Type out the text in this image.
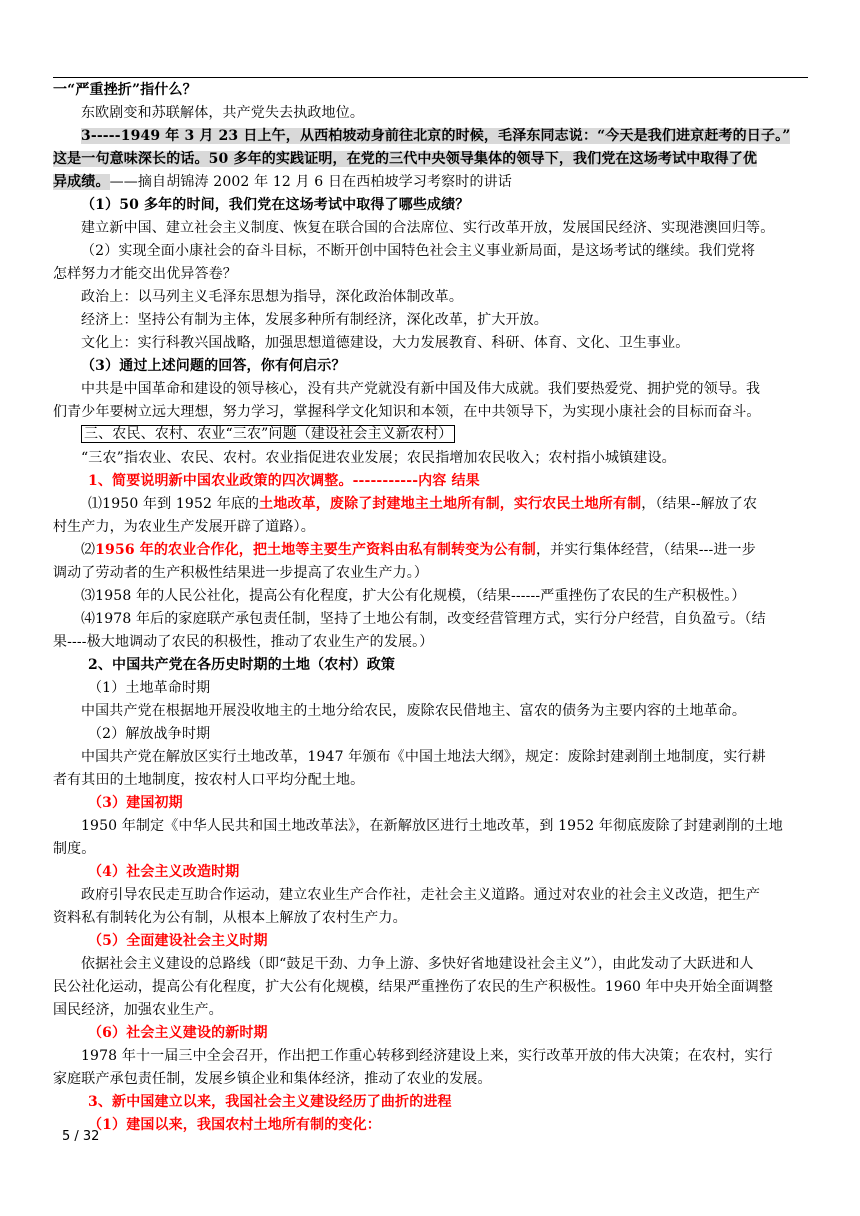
一“严重挫折”指什么？
东欧剧变和苏联解体，共产党失去执政地位。
3-----1949 年 3 月 23 日上午，从西柏坡动身前往北京的时候，毛泽东同志说：“今天是我们进京赶考的日子。”
这是一句意味深长的话。50 多年的实践证明，在党的三代中央领导集体的领导下，我们党在这场考试中取得了优
异成绩。——摘自胡锦涛 2002 年 12 月 6 日在西柏坡学习考察时的讲话
（1）50 多年的时间，我们党在这场考试中取得了哪些成绩？
建立新中国、建立社会主义制度、恢复在联合国的合法席位、实行改革开放，发展国民经济、实现港澳回归等。
（2）实现全面小康社会的奋斗目标，不断开创中国特色社会主义事业新局面，是这场考试的继续。我们党将
怎样努力才能交出优异答卷？
政治上：以马列主义毛泽东思想为指导，深化政治体制改革。
经济上：坚持公有制为主体，发展多种所有制经济，深化改革，扩大开放。
文化上：实行科教兴国战略，加强思想道德建设，大力发展教育、科研、体育、文化、卫生事业。
（3）通过上述问题的回答，你有何启示？
中共是中国革命和建设的领导核心，没有共产党就没有新中国及伟大成就。我们要热爱党、拥护党的领导。我
们青少年要树立远大理想，努力学习，掌握科学文化知识和本领，在中共领导下，为实现小康社会的目标而奋斗。
三、农民、农村、农业“三农”问题（建设社会主义新农村）
“三农”指农业、农民、农村。农业指促进农业发展；农民指增加农民收入；农村指小城镇建设。
1、简要说明新中国农业政策的四次调整。-----------内容 结果
⑴1950 年到 1952 年底的土地改革，废除了封建地主土地所有制，实行农民土地所有制，（结果--解放了农
村生产力，为农业生产发展开辟了道路）。
⑵1956 年的农业合作化，把土地等主要生产资料由私有制转变为公有制，并实行集体经营，（结果---进一步
调动了劳动者的生产积极性结果进一步提高了农业生产力。）
⑶1958 年的人民公社化，提高公有化程度，扩大公有化规模，（结果------严重挫伤了农民的生产积极性。）
⑷1978 年后的家庭联产承包责任制，坚持了土地公有制，改变经营管理方式，实行分户经营，自负盈亏。（结
果----极大地调动了农民的积极性，推动了农业生产的发展。）
2、中国共产党在各历史时期的土地（农村）政策
（1）土地革命时期
中国共产党在根据地开展没收地主的土地分给农民，废除农民借地主、富农的债务为主要内容的土地革命。
（2）解放战争时期
中国共产党在解放区实行土地改革，1947 年颁布《中国土地法大纲》，规定：废除封建剥削土地制度，实行耕
者有其田的土地制度，按农村人口平均分配土地。
（3）建国初期
1950 年制定《中华人民共和国土地改革法》，在新解放区进行土地改革，到 1952 年彻底废除了封建剥削的土地
制度。
（4）社会主义改造时期
政府引导农民走互助合作运动，建立农业生产合作社，走社会主义道路。通过对农业的社会主义改造，把生产
资料私有制转化为公有制，从根本上解放了农村生产力。
（5）全面建设社会主义时期
依据社会主义建设的总路线（即“鼓足干劲、力争上游、多快好省地建设社会主义”），由此发动了大跃进和人
民公社化运动，提高公有化程度，扩大公有化规模，结果严重挫伤了农民的生产积极性。1960 年中央开始全面调整
国民经济，加强农业生产。
（6）社会主义建设的新时期
1978 年十一届三中全会召开，作出把工作重心转移到经济建设上来，实行改革开放的伟大决策；在农村，实行
家庭联产承包责任制，发展乡镇企业和集体经济，推动了农业的发展。
3、新中国建立以来，我国社会主义建设经历了曲折的进程
（1）建国以来，我国农村土地所有制的变化：
5 / 32
